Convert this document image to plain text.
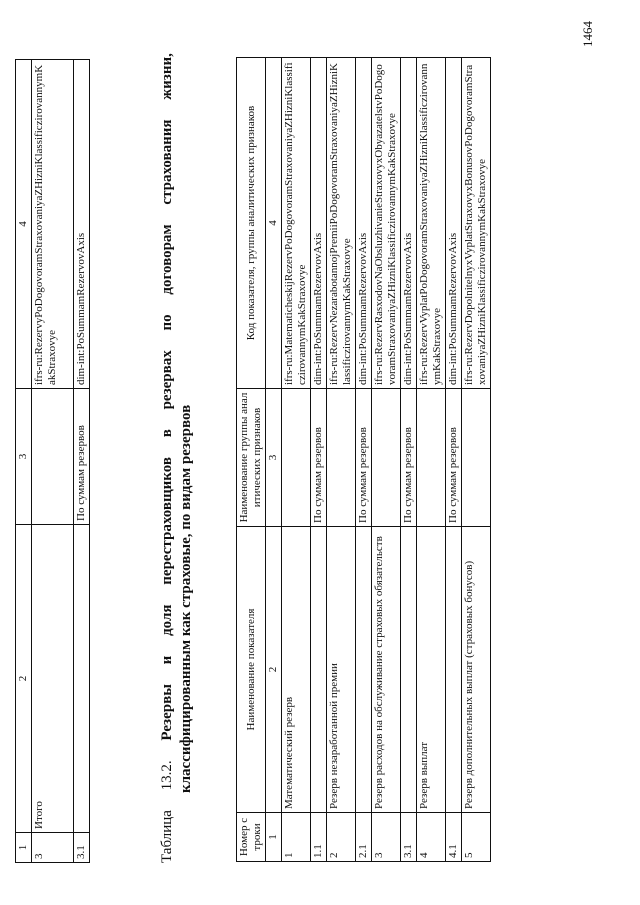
1	2	3	4
3	Итого		ifrs-ru:RezervyPoDogovoramStraxovaniyaZHizniKlassificzirovannymKakStraxovye
3.1		По суммам резервов	dim-int:PoSummamRezervovAxis
Таблица
13.2.
Резервы
и
доля
перестраховщиков
в
резервах
по
договорам
страхования
жизни,
классифицированным как страховые, по видам резервов
Номер строки	Наименование показателя	Наименование группы аналитических признаков	Код показателя, группы аналитических признаков
1	2	3	4
1	Математический резерв		ifrs-ru:MatematicheskijRezervPoDogovoramStraxovaniyaZHizniKlassificzirovannymKakStraxovye
1.1		По суммам резервов	dim-int:PoSummamRezervovAxis
2	Резерв незаработанной премии		ifrs-ru:RezervNezarabotannojPremiiPoDogovoramStraxovaniyaZHizniKlassificzirovannymKakStraxovye
2.1		По суммам резервов	dim-int:PoSummamRezervovAxis
3	Резерв расходов на обслуживание страховых обязательств		ifrs-ru:RezervRasxodovNaObsluzhivanieStraxovyxObyazatelstvPoDogovoramStraxovaniyaZHizniKlassificzirovannymKakStraxovye
3.1		По суммам резервов	dim-int:PoSummamRezervovAxis
4	Резерв выплат		ifrs-ru:RezervVyplatPoDogovoramStraxovaniyaZHizniKlassificzirovannymKakStraxovye
4.1		По суммам резервов	dim-int:PoSummamRezervovAxis
5	Резерв дополнительных выплат (страховых бонусов)		ifrs-ru:RezervDopolnitelnyxVyplatStraxovyxBonusovPoDogovoramStraxovaniyaZHizniKlassificzirovannymKakStraxovye
1464
